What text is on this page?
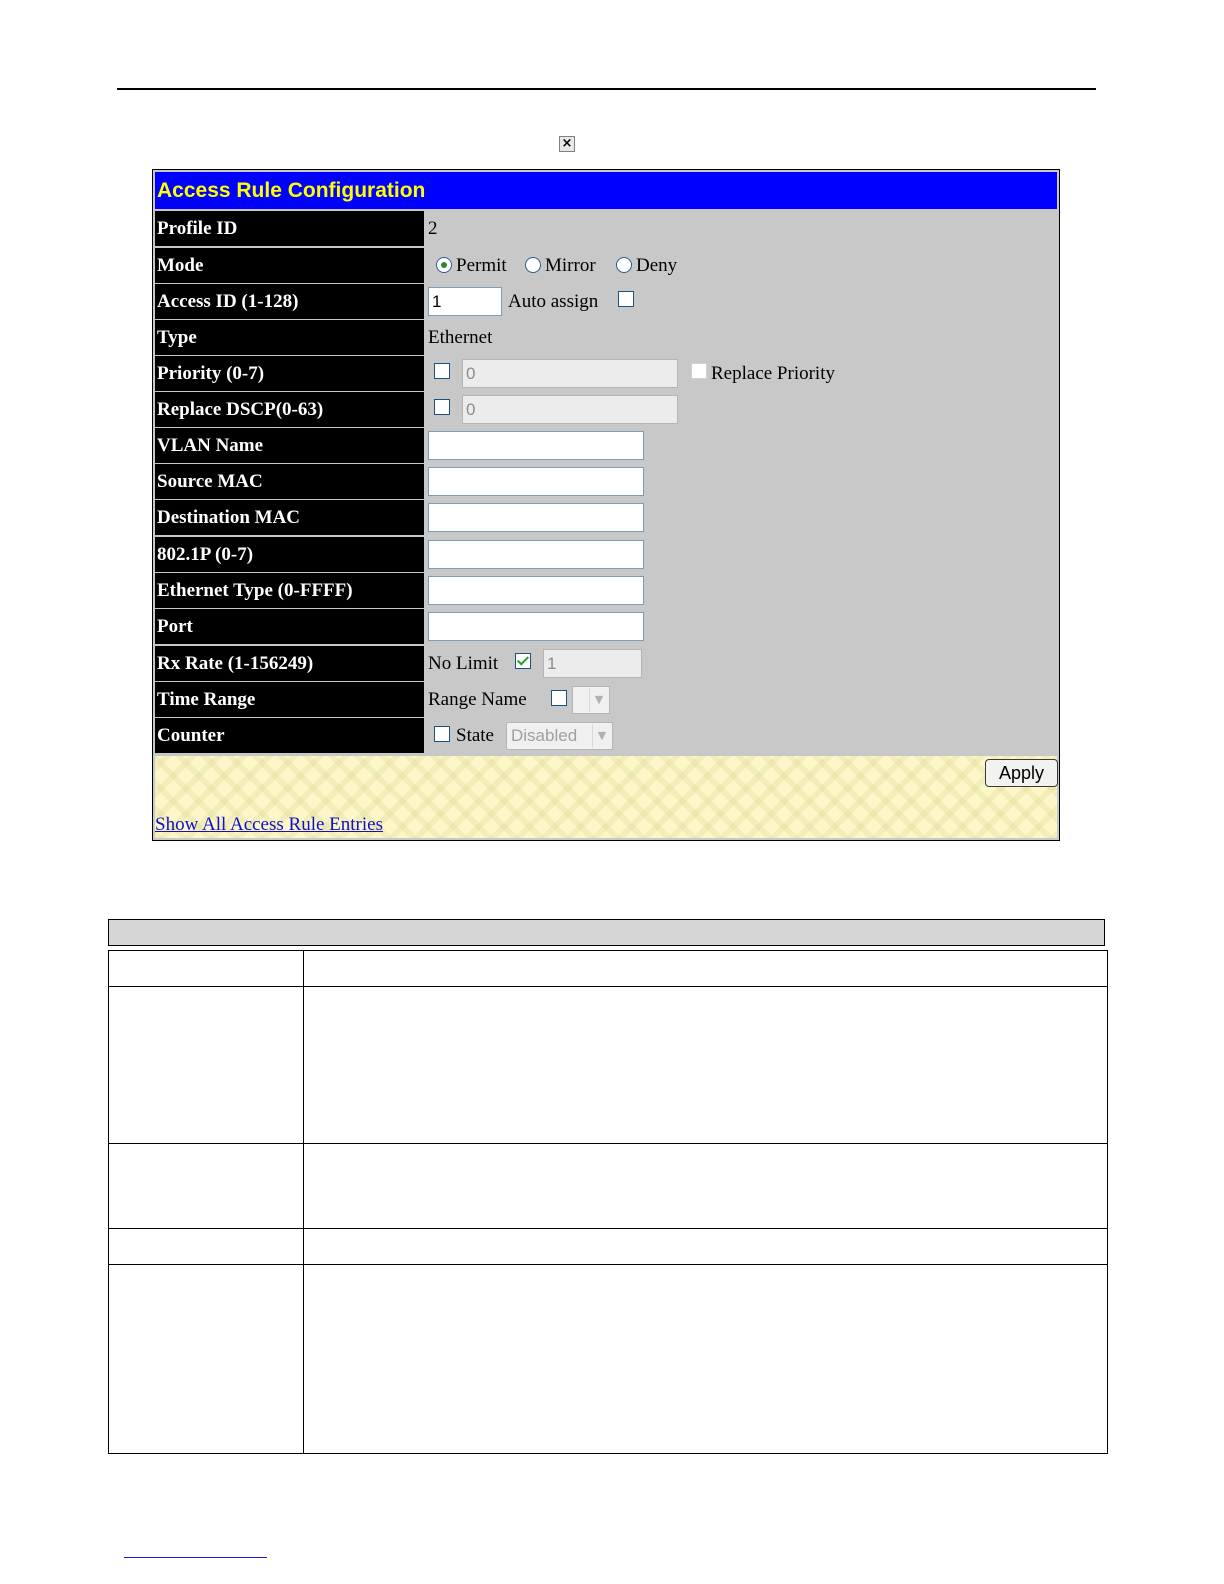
×
Access Rule Configuration
Profile ID	2
Mode	Permit Mirror Deny
Access ID (1-128)	1	Auto assign
Type	Ethernet
Priority (0-7)	0	Replace Priority
Replace DSCP(0-63)	0
VLAN Name
Source MAC
Destination MAC
802.1P (0-7)
Ethernet Type (0-FFFF)
Port
Rx Rate (1-156249)	No Limit	1
Time Range	Range Name	▼
Counter	State Disabled	▼
Apply
Show All Access Rule Entries
